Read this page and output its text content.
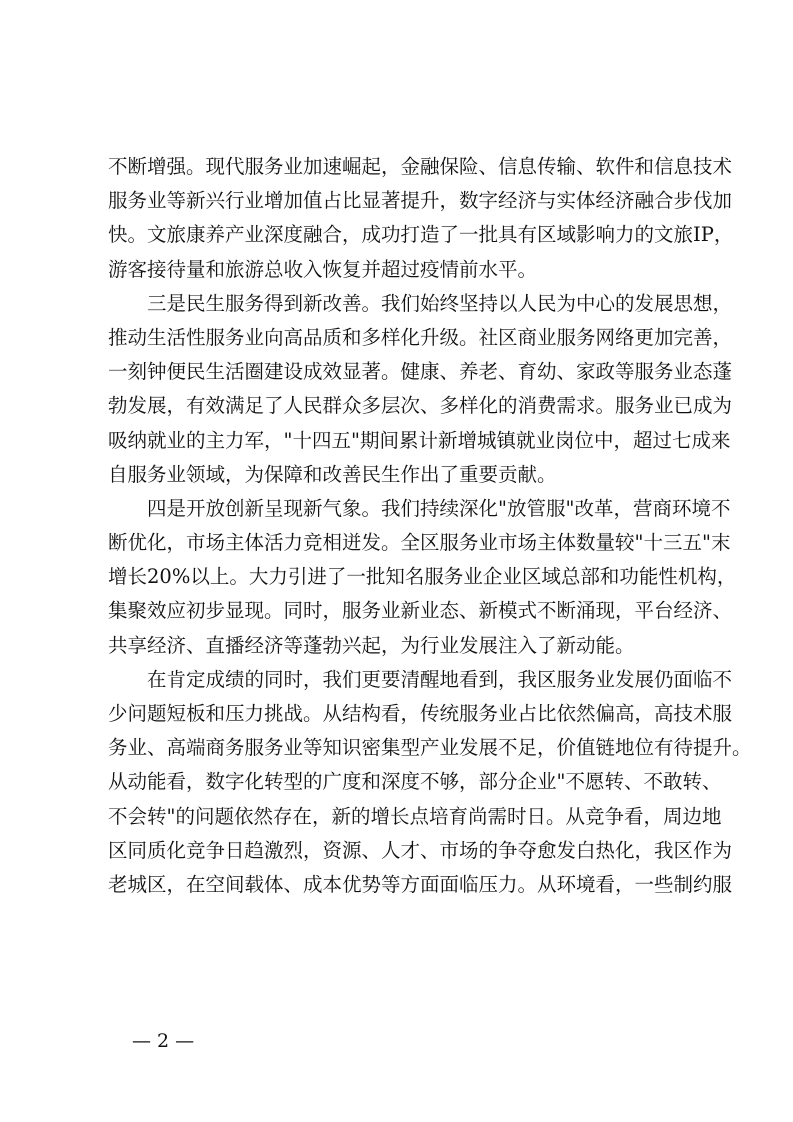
不断增强。现代服务业加速崛起，金融保险、信息传输、软件和信息技术
服务业等新兴行业增加值占比显著提升，数字经济与实体经济融合步伐加
快。文旅康养产业深度融合，成功打造了一批具有区域影响力的文旅IP，
游客接待量和旅游总收入恢复并超过疫情前水平。
三是民生服务得到新改善。我们始终坚持以人民为中心的发展思想，
推动生活性服务业向高品质和多样化升级。社区商业服务网络更加完善，
一刻钟便民生活圈建设成效显著。健康、养老、育幼、家政等服务业态蓬
勃发展，有效满足了人民群众多层次、多样化的消费需求。服务业已成为
吸纳就业的主力军，"十四五"期间累计新增城镇就业岗位中，超过七成来
自服务业领域，为保障和改善民生作出了重要贡献。
四是开放创新呈现新气象。我们持续深化"放管服"改革，营商环境不
断优化，市场主体活力竞相迸发。全区服务业市场主体数量较"十三五"末
增长20%以上。大力引进了一批知名服务业企业区域总部和功能性机构，
集聚效应初步显现。同时，服务业新业态、新模式不断涌现，平台经济、
共享经济、直播经济等蓬勃兴起，为行业发展注入了新动能。
在肯定成绩的同时，我们更要清醒地看到，我区服务业发展仍面临不
少问题短板和压力挑战。从结构看，传统服务业占比依然偏高，高技术服
务业、高端商务服务业等知识密集型产业发展不足，价值链地位有待提升。
从动能看，数字化转型的广度和深度不够，部分企业"不愿转、不敢转、
不会转"的问题依然存在，新的增长点培育尚需时日。从竞争看，周边地
区同质化竞争日趋激烈，资源、人才、市场的争夺愈发白热化，我区作为
老城区，在空间载体、成本优势等方面面临压力。从环境看，一些制约服
— 2 —
